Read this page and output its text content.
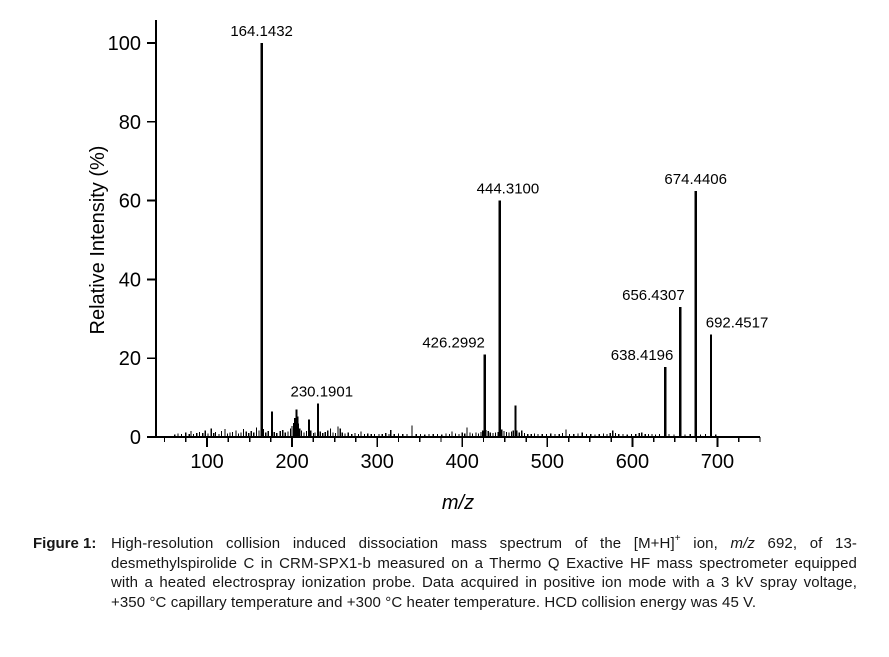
0
20
40
60
80
100
100	200	300	400	500	600	700
164.1432
230.1901
426.2992
444.3100
638.4196
656.4307
674.4406
692.4517
Relative Intensity (%)
m/z
Figure 1: High-resolution collision induced dissociation mass spectrum of the [M+H]+ ion, m/z 692, of 13-desmethylspirolide C in CRM-SPX1-b measured on a Thermo Q Exactive HF mass spectrometer equipped with a heated electrospray ionization probe. Data acquired in positive ion mode with a 3 kV spray voltage, +350 °C capillary temperature and +300 °C heater temperature. HCD collision energy was 45 V.
